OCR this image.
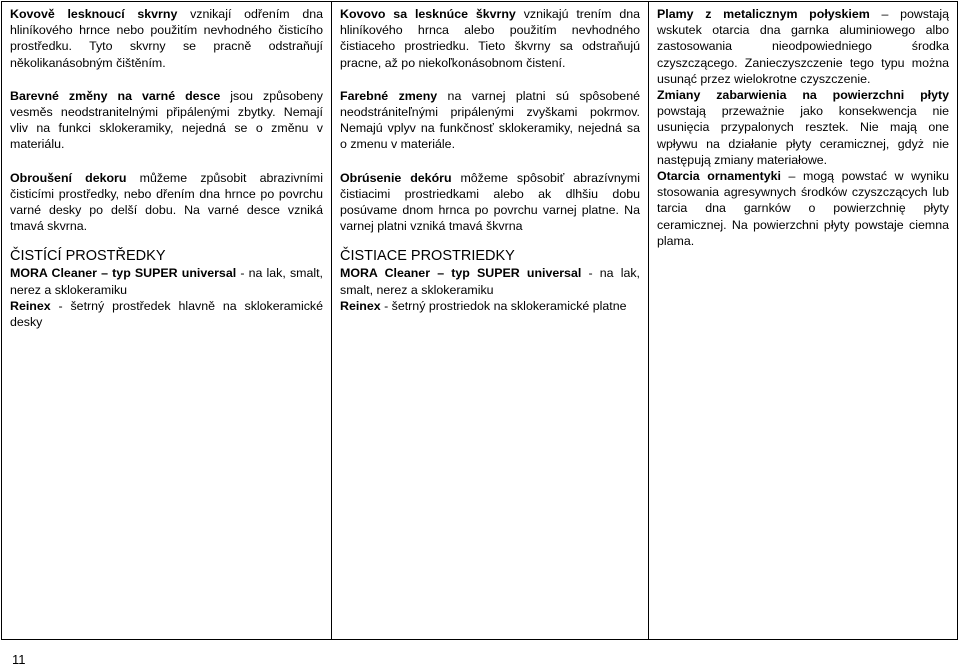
Kovově lesknoucí skvrny vznikají odřením dna hliníkového hrnce nebo použitím nevhodného čisticího prostředku. Tyto skvrny se pracně odstraňují několikanásobným čištěním.

Barevné změny na varné desce jsou způsobeny vesměs neodstranitelnými připálenými zbytky. Nemají vliv na funkci sklokeramiky, nejedná se o změnu v materiálu.

Obroušení dekoru můžeme způsobit abrazivními čisticími prostředky, nebo dřením dna hrnce po povrchu varné desky po delší dobu. Na varné desce vzniká tmavá skvrna.

ČISTÍCÍ PROSTŘEDKY

MORA Cleaner – typ SUPER universal - na lak, smalt, nerez a sklokeramiku

Reinex - šetrný prostředek hlavně na sklokeramické desky

Kovovo sa lesknúce škvrny vznikajú trením dna hliníkového hrnca alebo použitím nevhodného čistiaceho prostriedku. Tieto škvrny sa odstraňujú pracne, až po niekoľkonásobnom čistení.

Farebné zmeny na varnej platni sú spôsobené neodstrániteľnými pripálenými zvyškami pokrmov. Nemajú vplyv na funkčnosť sklokeramiky, nejedná sa o zmenu v materiále.

Obrúsenie dekóru môžeme spôsobiť abrazívnymi čistiacimi prostriedkami alebo ak dlhšiu dobu posúvame dnom hrnca po povrchu varnej platne. Na varnej platni vzniká tmavá škvrna

ČISTIACE PROSTRIEDKY

MORA Cleaner – typ SUPER universal - na lak, smalt, nerez a sklokeramiku

Reinex - šetrný prostriedok na sklokeramické platne

Plamy z metalicznym połyskiem – powstają wskutek otarcia dna garnka aluminiowego albo zastosowania nieodpowiedniego środka czyszczącego. Zanieczyszczenie tego typu można usunąć przez wielokrotne czyszczenie.

Zmiany zabarwienia na powierzchni płyty powstają przeważnie jako konsekwencja nie usunięcia przypalonych resztek. Nie mają one wpływu na działanie płyty ceramicznej, gdyż nie następują zmiany materiałowe.

Otarcia ornamentyki – mogą powstać w wyniku stosowania agresywnych środków czyszczących lub tarcia dna garnków o powierzchnię płyty ceramicznej. Na powierzchni płyty powstaje ciemna plama.

11
